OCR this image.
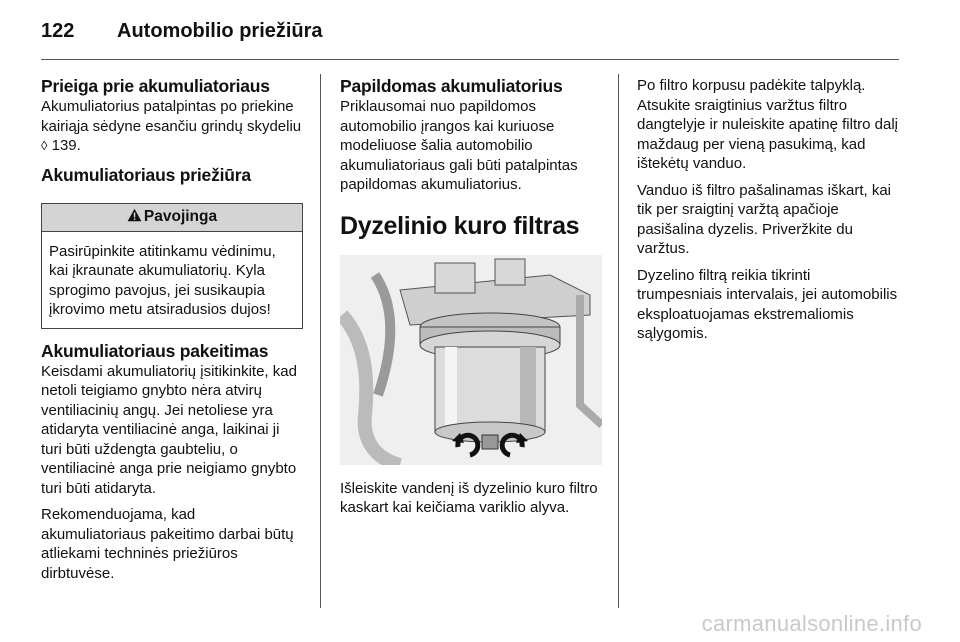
122 Automobilio priežiūra
Prieiga prie akumuliatoriaus

Akumuliatorius patalpintas po priekine kairiąja sėdyne esančiu grindų skydeliu ◊ 139.

Akumuliatoriaus priežiūra
Pavojinga
Pasirūpinkite atitinkamu vėdinimu, kai įkraunate akumuliatorių. Kyla sprogimo pavojus, jei susikaupia įkrovimo metu atsiradusios dujos!
Akumuliatoriaus pakeitimas

Keisdami akumuliatorių įsitikinkite, kad netoli teigiamo gnybto nėra atvirų ventiliacinių angų. Jei netoliese yra atidaryta ventiliacinė anga, laikinai ji turi būti uždengta gaubteliu, o ventiliacinė anga prie neigiamo gnybto turi būti atidaryta.

Rekomenduojama, kad akumuliatoriaus pakeitimo darbai būtų atliekami techninės priežiūros dirbtuvėse.

Papildomas akumuliatorius

Priklausomai nuo papildomos automobilio įrangos kai kuriuose modeliuose šalia automobilio akumuliatoriaus gali būti patalpintas papildomas akumuliatorius.

Dyzelinio kuro filtras

Išleiskite vandenį iš dyzelinio kuro filtro kaskart kai keičiama variklio alyva.

Po filtro korpusu padėkite talpyklą. Atsukite sraigtinius varžtus filtro dangtelyje ir nuleiskite apatinę filtro dalį maždaug per vieną pasukimą, kad ištekėtų vanduo.

Vanduo iš filtro pašalinamas iškart, kai tik per sraigtinį varžtą apačioje pasišalina dyzelis. Priveržkite du varžtus.

Dyzelino filtrą reikia tikrinti trumpesniais intervalais, jei automobilis eksploatuojamas ekstremaliomis sąlygomis.

carmanualsonline.info
